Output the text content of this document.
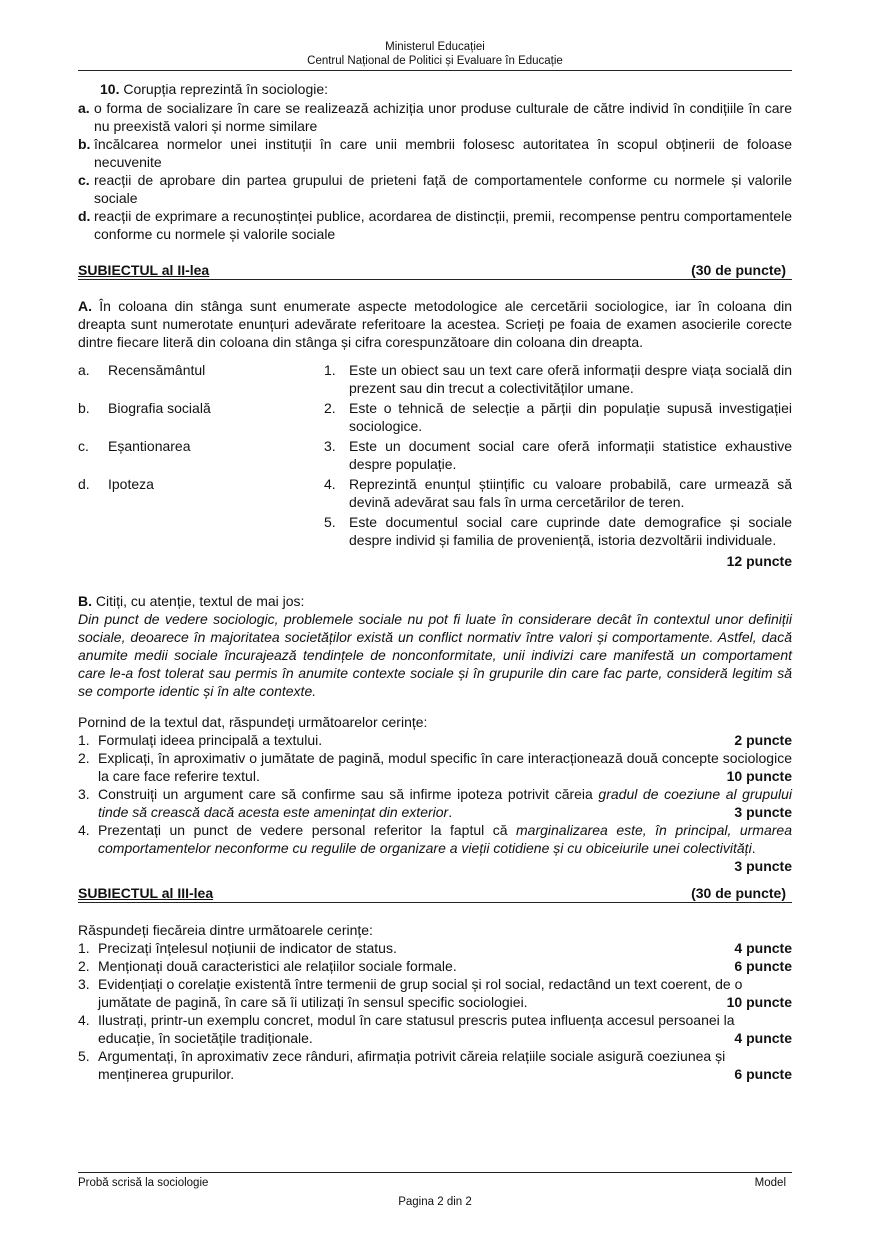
Ministerul Educației
Centrul Național de Politici și Evaluare în Educație
10. Corupția reprezintă în sociologie:
a. o forma de socializare în care se realizează achiziția unor produse culturale de către individ în condițiile în care nu preexistă valori și norme similare
b. încălcarea normelor unei instituții în care unii membrii folosesc autoritatea în scopul obținerii de foloase necuvenite
c. reacții de aprobare din partea grupului de prieteni față de comportamentele conforme cu normele și valorile sociale
d. reacții de exprimare a recunoștinței publice, acordarea de distincții, premii, recompense pentru comportamentele conforme cu normele și valorile sociale
SUBIECTUL al II-lea	(30 de puncte)
A. În coloana din stânga sunt enumerate aspecte metodologice ale cercetării sociologice, iar în coloana din dreapta sunt numerotate enunțuri adevărate referitoare la acestea. Scrieți pe foaia de examen asocierile corecte dintre fiecare literă din coloana din stânga și cifra corespunzătoare din coloana din dreapta.
a.	Recensământul	1. Este un obiect sau un text care oferă informații despre viața socială din prezent sau din trecut a colectivităților umane.
b.	Biografia socială	2. Este o tehnică de selecție a părții din populație supusă investigației sociologice.
c.	Eșantionarea	3. Este un document social care oferă informații statistice exhaustive despre populație.
d.	Ipoteza	4. Reprezintă enunțul științific cu valoare probabilă, care urmează să devină adevărat sau fals în urma cercetărilor de teren.
5. Este documentul social care cuprinde date demografice și sociale despre individ și familia de proveniență, istoria dezvoltării individuale.
12 puncte
B. Citiți, cu atenție, textul de mai jos:
Din punct de vedere sociologic, problemele sociale nu pot fi luate în considerare decât în contextul unor definiții sociale, deoarece în majoritatea societăților există un conflict normativ între valori și comportamente. Astfel, dacă anumite medii sociale încurajează tendințele de nonconformitate, unii indivizi care manifestă un comportament care le-a fost tolerat sau permis în anumite contexte sociale și în grupurile din care fac parte, consideră legitim să se comporte identic și în alte contexte.
Pornind de la textul dat, răspundeți următoarelor cerințe:
1. Formulați ideea principală a textului.	2 puncte
2. Explicați, în aproximativ o jumătate de pagină, modul specific în care interacționează două concepte sociologice la care face referire textul.	10 puncte
3. Construiți un argument care să confirme sau să infirme ipoteza potrivit căreia gradul de coeziune al grupului tinde să crească dacă acesta este amenințat din exterior.	3 puncte
4. Prezentați un punct de vedere personal referitor la faptul că marginalizarea este, în principal, urmarea comportamentelor neconforme cu regulile de organizare a vieții cotidiene și cu obiceiurile unei colectivități.
3 puncte
SUBIECTUL al III-lea	(30 de puncte)
Răspundeți fiecăreia dintre următoarele cerințe:
1. Precizați înțelesul noțiunii de indicator de status.	4 puncte
2. Menționați două caracteristici ale relațiilor sociale formale.	6 puncte
3. Evidențiați o corelație existentă între termenii de grup social și rol social, redactând un text coerent, de o jumătate de pagină, în care să îi utilizați în sensul specific sociologiei.	10 puncte
4. Ilustrați, printr-un exemplu concret, modul în care statusul prescris putea influența accesul persoanei la educație, în societățile tradiționale.	4 puncte
5. Argumentați, în aproximativ zece rânduri, afirmația potrivit căreia relațiile sociale asigură coeziunea și menținerea grupurilor.	6 puncte
Probă scrisă la sociologie	Model
Pagina 2 din 2
